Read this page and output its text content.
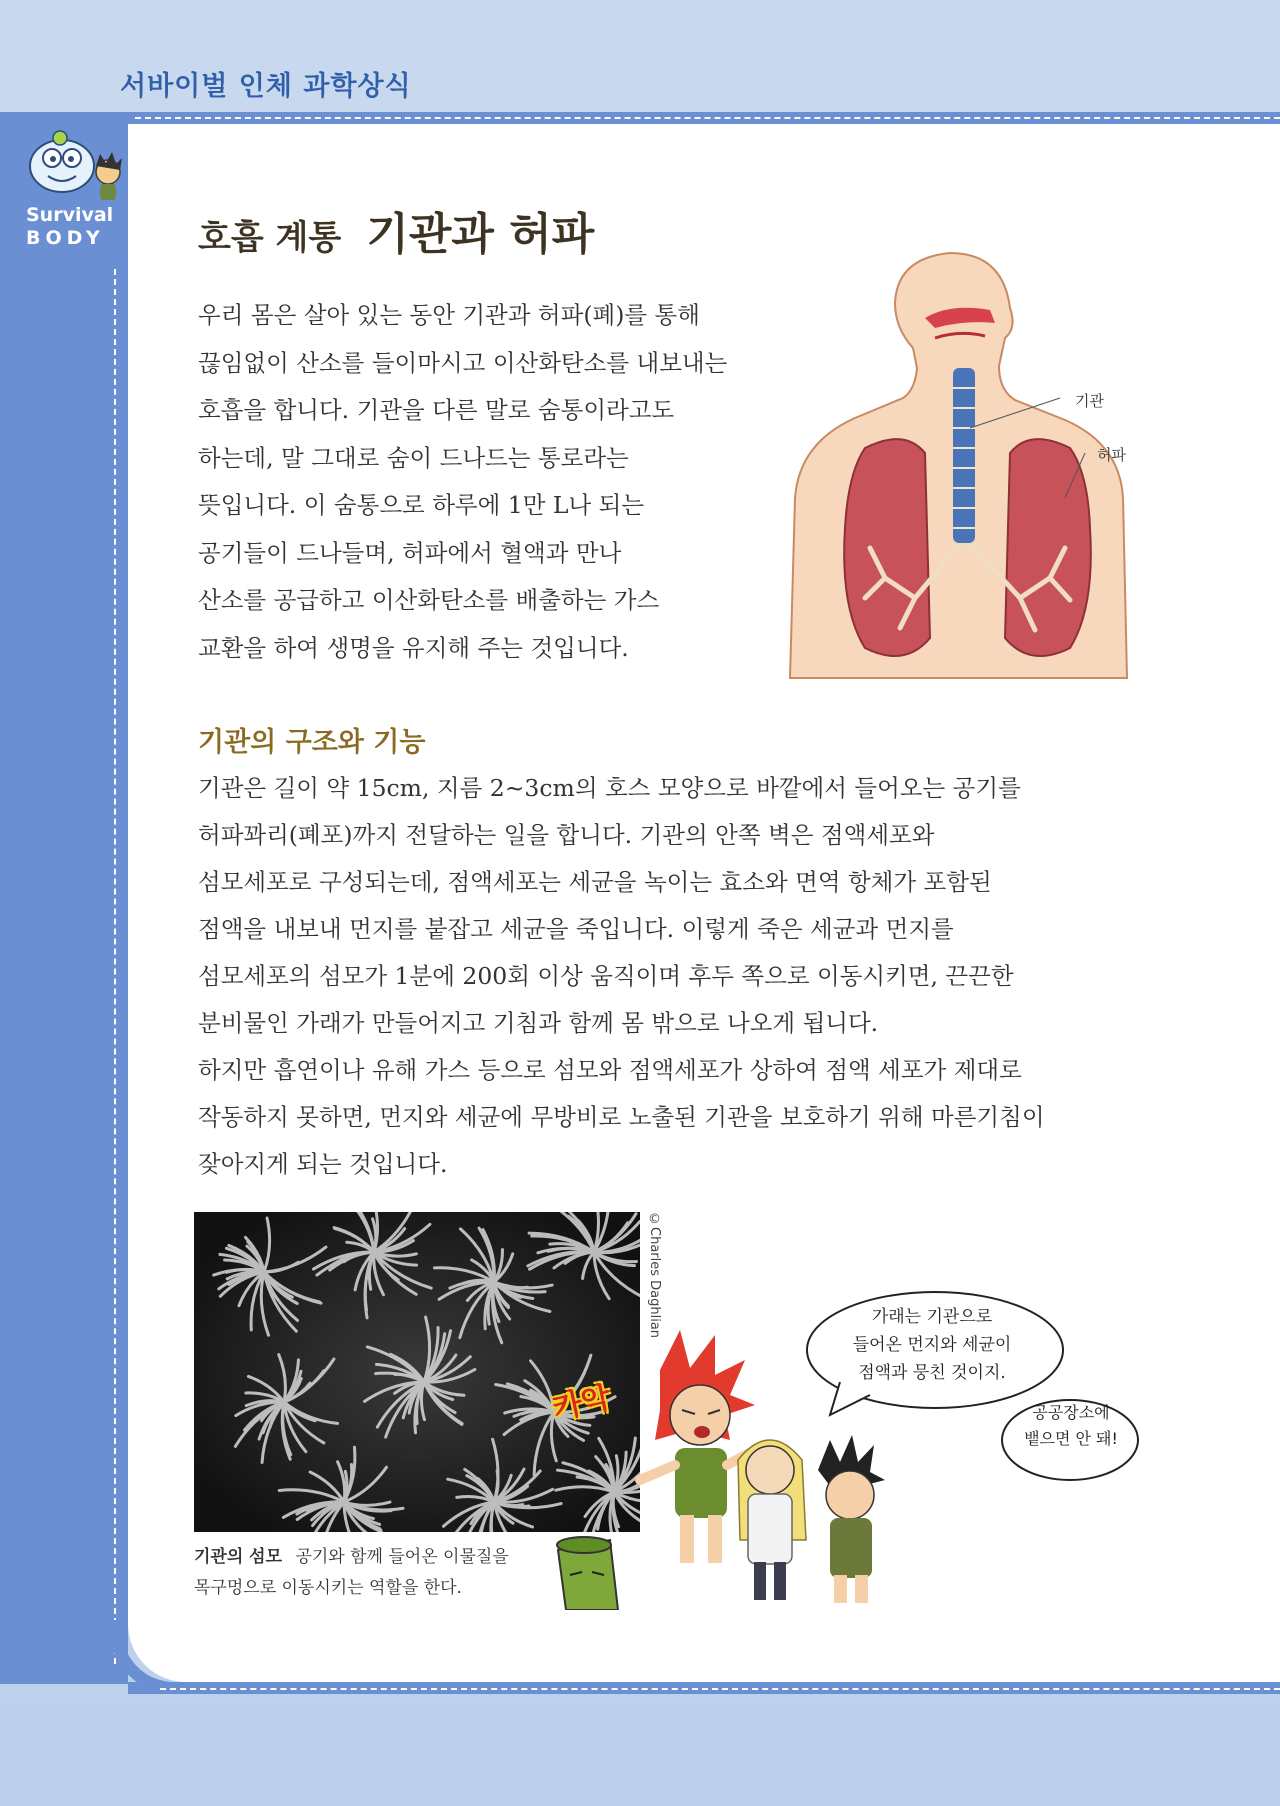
서바이벌 인체 과학상식
Survival
BODY	호흡 계통 기관과 허파
우리 몸은 살아 있는 동안 기관과 허파(폐)를 통해
끊임없이 산소를 들이마시고 이산화탄소를 내보내는
호흡을 합니다. 기관을 다른 말로 숨통이라고도
하는데, 말 그대로 숨이 드나드는 통로라는
뜻입니다. 이 숨통으로 하루에 1만 L나 되는
공기들이 드나들며, 허파에서 혈액과 만나
산소를 공급하고 이산화탄소를 배출하는 가스
교환을 하여 생명을 유지해 주는 것입니다.
기관
허파
기관의 구조와 기능
기관은 길이 약 15cm, 지름 2~3cm의 호스 모양으로 바깥에서 들어오는 공기를
허파꽈리(폐포)까지 전달하는 일을 합니다. 기관의 안쪽 벽은 점액세포와
섬모세포로 구성되는데, 점액세포는 세균을 녹이는 효소와 면역 항체가 포함된
점액을 내보내 먼지를 붙잡고 세균을 죽입니다. 이렇게 죽은 세균과 먼지를
섬모세포의 섬모가 1분에 200회 이상 움직이며 후두 쪽으로 이동시키면, 끈끈한
분비물인 가래가 만들어지고 기침과 함께 몸 밖으로 나오게 됩니다.
하지만 흡연이나 유해 가스 등으로 섬모와 점액세포가 상하여 점액 세포가 제대로
작동하지 못하면, 먼지와 세균에 무방비로 노출된 기관을 보호하기 위해 마른기침이
잦아지게 되는 것입니다.
©Charles Daghlian
기관의 섬모 공기와 함께 들어온 이물질을
목구멍으로 이동시키는 역할을 한다.
카악
가래는 기관으로
들어온 먼지와 세균이
점액과 뭉친 것이지.
공공장소에
뱉으면 안 돼!
